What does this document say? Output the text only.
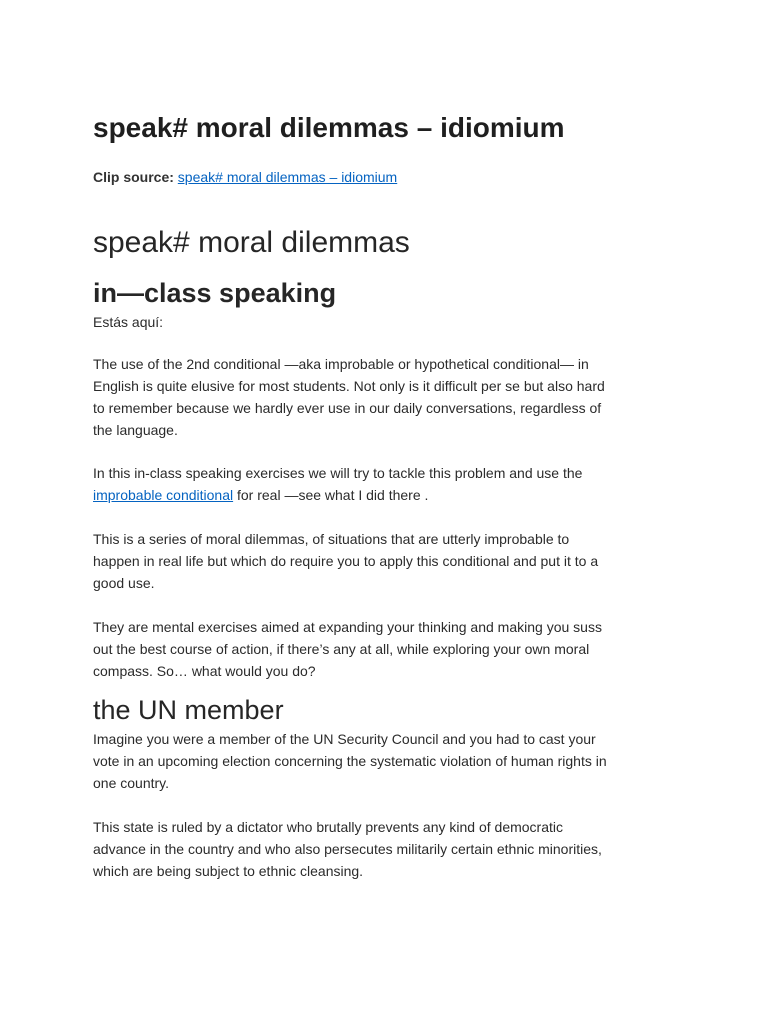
speak# moral dilemmas – idiomium
Clip source: speak# moral dilemmas – idiomium
speak# moral dilemmas
in—class speaking

Estás aquí:

The use of the 2nd conditional —aka improbable or hypothetical conditional— in
English is quite elusive for most students. Not only is it difficult per se but also hard
to remember because we hardly ever use in our daily conversations, regardless of
the language.

In this in-class speaking exercises we will try to tackle this problem and use the
improbable conditional for real —see what I did there .

This is a series of moral dilemmas, of situations that are utterly improbable to
happen in real life but which do require you to apply this conditional and put it to a
good use.

They are mental exercises aimed at expanding your thinking and making you suss
out the best course of action, if there’s any at all, while exploring your own moral
compass. So… what would you do?

the UN member

Imagine you were a member of the UN Security Council and you had to cast your
vote in an upcoming election concerning the systematic violation of human rights in
one country.

This state is ruled by a dictator who brutally prevents any kind of democratic
advance in the country and who also persecutes militarily certain ethnic minorities,
which are being subject to ethnic cleansing.
